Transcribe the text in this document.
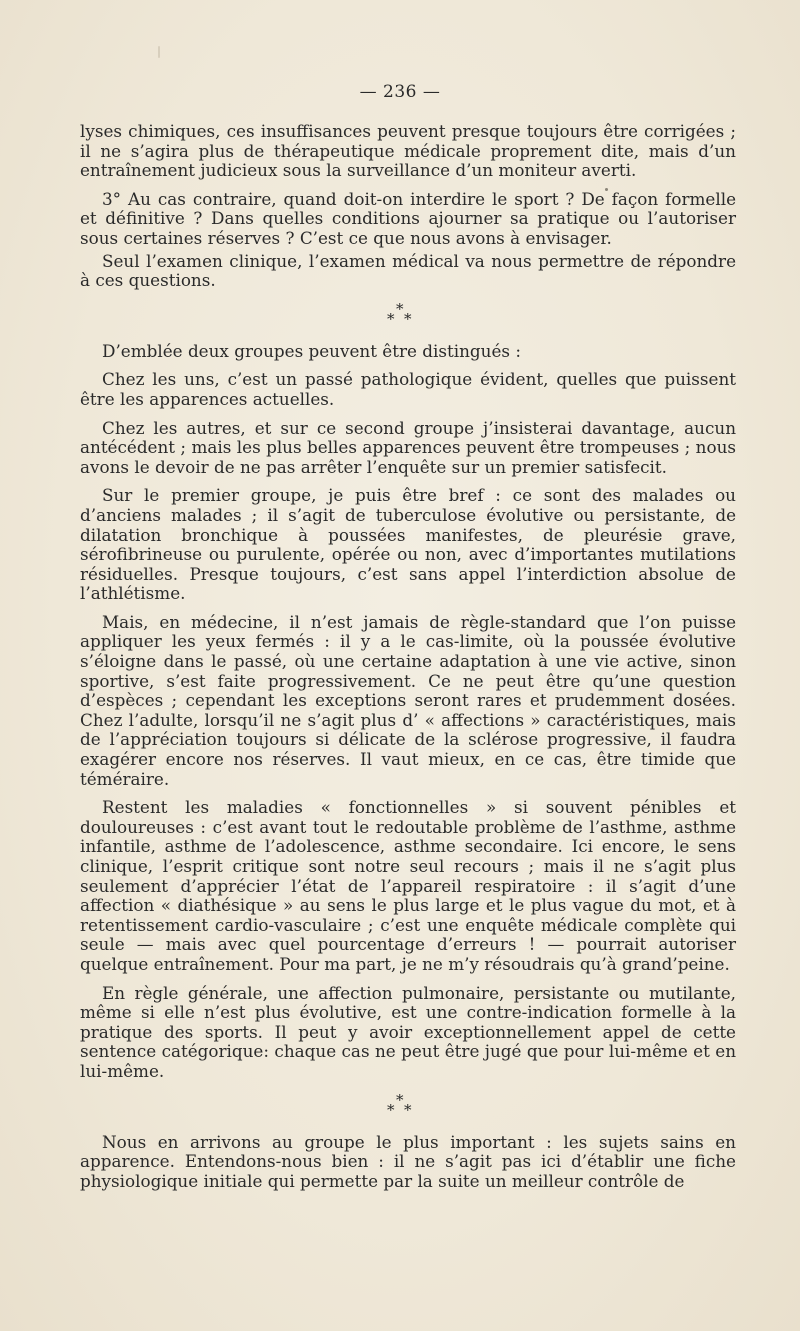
— 236 —

lyses chimiques, ces insuffisances peuvent presque toujours être corrigées ; il ne s’agira plus de thérapeutique médicale proprement dite, mais d’un entraînement judicieux sous la surveillance d’un moniteur averti.

3° Au cas contraire, quand doit-on interdire le sport ? De façon formelle et définitive ? Dans quelles conditions ajourner sa pratique ou l’autoriser sous certaines réserves ? C’est ce que nous avons à envisager.

Seul l’examen clinique, l’examen médical va nous permettre de répondre à ces questions.

*
* *

D’emblée deux groupes peuvent être distingués :

Chez les uns, c’est un passé pathologique évident, quelles que puissent être les apparences actuelles.

Chez les autres, et sur ce second groupe j’insisterai davantage, aucun antécédent ; mais les plus belles apparences peuvent être trompeuses ; nous avons le devoir de ne pas arrêter l’enquête sur un premier satisfecit.

Sur le premier groupe, je puis être bref : ce sont des malades ou d’anciens malades ; il s’agit de tuberculose évolutive ou persistante, de dilatation bronchique à poussées manifestes, de pleurésie grave, sérofibrineuse ou purulente, opérée ou non, avec d’importantes mutilations résiduelles. Presque toujours, c’est sans appel l’interdiction absolue de l’athlétisme.

Mais, en médecine, il n’est jamais de règle-standard que l’on puisse appliquer les yeux fermés : il y a le cas-limite, où la poussée évolutive s’éloigne dans le passé, où une certaine adaptation à une vie active, sinon sportive, s’est faite progressivement. Ce ne peut être qu’une question d’espèces ; cependant les exceptions seront rares et prudemment dosées. Chez l’adulte, lorsqu’il ne s’agit plus d’ « affections » caractéristiques, mais de l’appréciation toujours si délicate de la sclérose progressive, il faudra exagérer encore nos réserves. Il vaut mieux, en ce cas, être timide que téméraire.

Restent les maladies « fonctionnelles » si souvent pénibles et douloureuses : c’est avant tout le redoutable problème de l’asthme, asthme infantile, asthme de l’adolescence, asthme secondaire. Ici encore, le sens clinique, l’esprit critique sont notre seul recours ; mais il ne s’agit plus seulement d’apprécier l’état de l’appareil respiratoire : il s’agit d’une affection « diathésique » au sens le plus large et le plus vague du mot, et à retentissement cardio-vasculaire ; c’est une enquête médicale complète qui seule — mais avec quel pourcentage d’erreurs ! — pourrait autoriser quelque entraînement. Pour ma part, je ne m’y résoudrais qu’à grand’peine.

En règle générale, une affection pulmonaire, persistante ou mutilante, même si elle n’est plus évolutive, est une contre-indication formelle à la pratique des sports. Il peut y avoir exceptionnellement appel de cette sentence catégorique: chaque cas ne peut être jugé que pour lui-même et en lui-même.

*
* *

Nous en arrivons au groupe le plus important : les sujets sains en apparence. Entendons-nous bien : il ne s’agit pas ici d’établir une fiche physiologique initiale qui permette par la suite un meilleur contrôle de
